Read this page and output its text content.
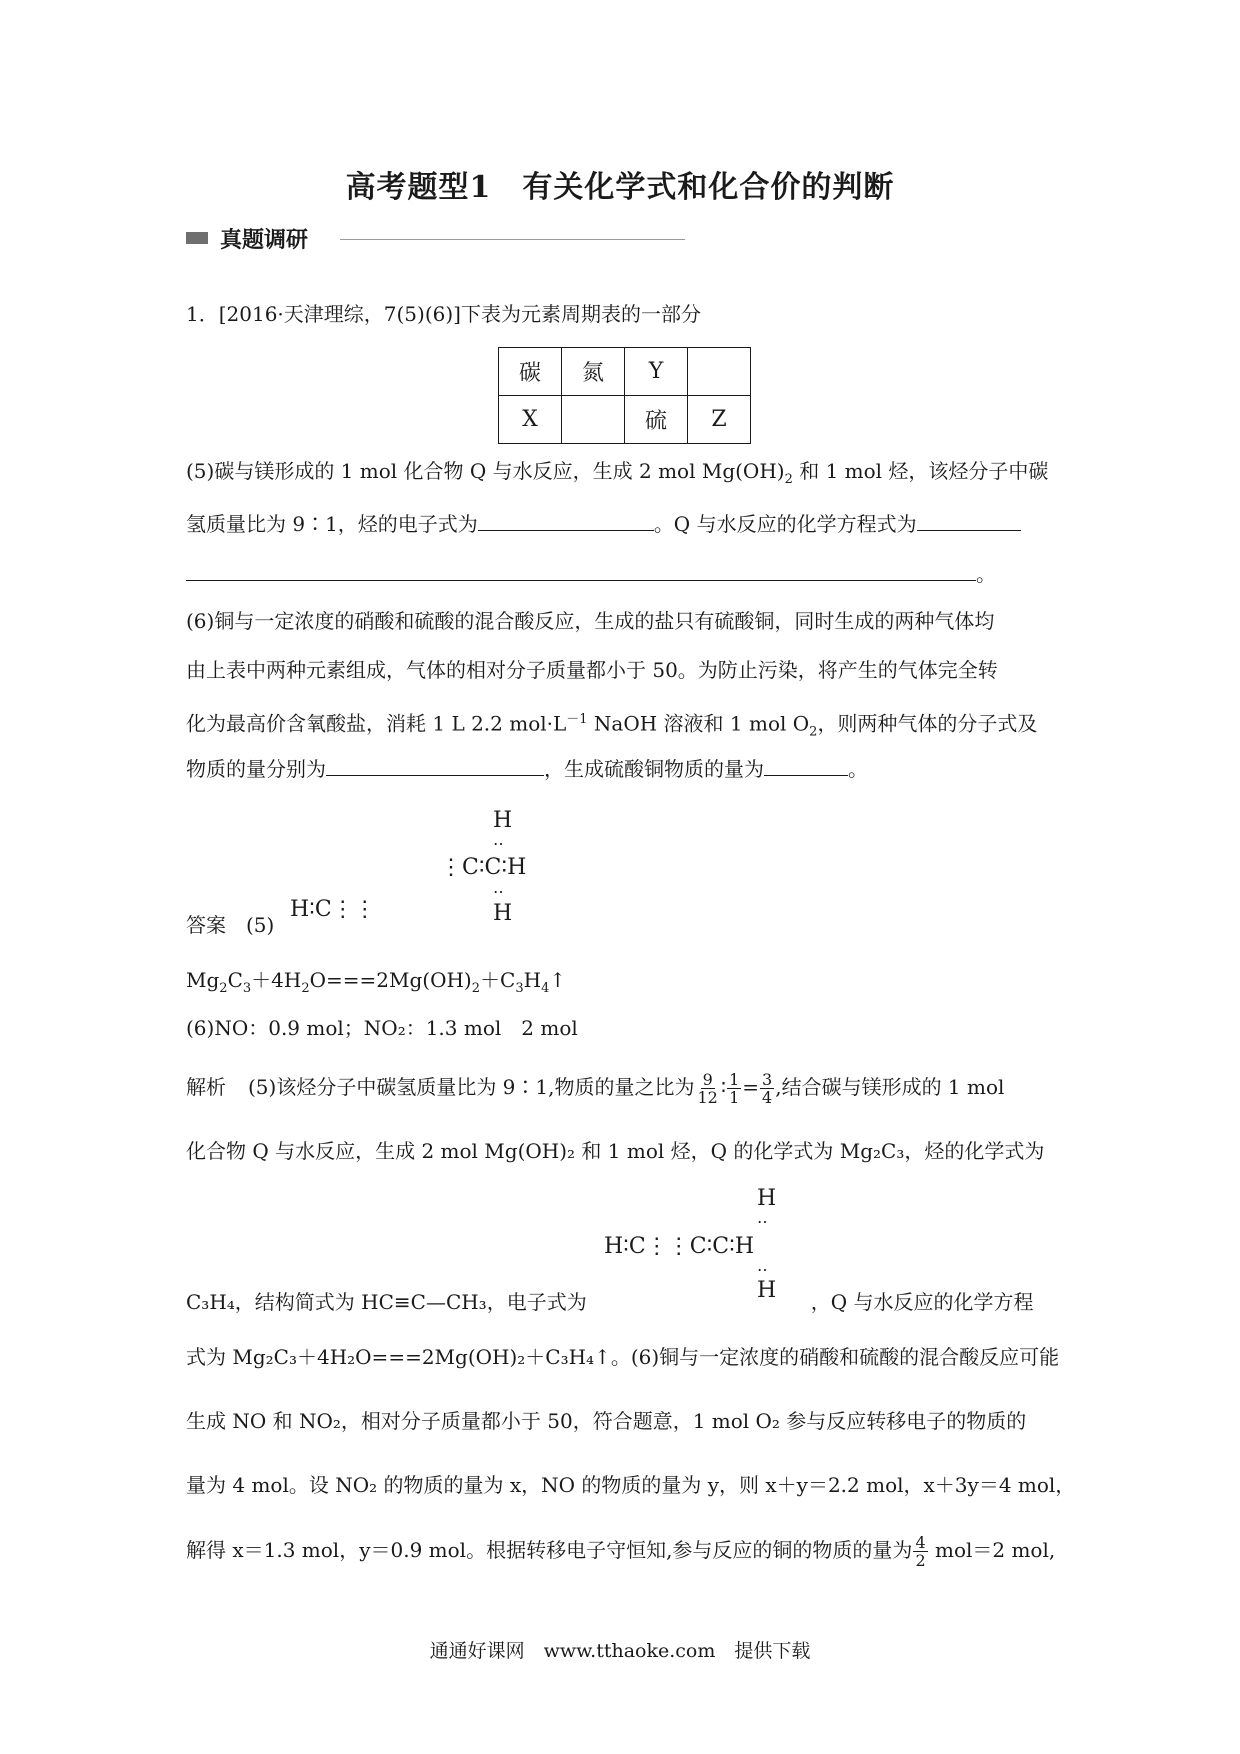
高考题型1　有关化学式和化合价的判断
真题调研
1．[2016·天津理综，7(5)(6)]下表为元素周期表的一部分
碳	氮	Y	
X		硫	Z
(5)碳与镁形成的 1 mol 化合物 Q 与水反应，生成 2 mol $Mg(OH)_2$ 和 1 mol 烃，该烃分子中碳
氢质量比为 9∶1，烃的电子式为	。Q 与水反应的化学方程式为
。
(6)铜与一定浓度的硝酸和硫酸的混合酸反应，生成的盐只有硫酸铜，同时生成的两种气体均
由上表中两种元素组成，气体的相对分子质量都小于 50。为防止污染，将产生的气体完全转
化为最高价含氧酸盐，消耗 1 L 2.2 $mol\cdot L^{-1}$ NaOH 溶液和 1 mol $O_2$，则两种气体的分子式及
物质的量分别为	，生成硫酸铜物质的量为	。
H
‥
⋮C∶C∶H
‥
H
答案　(5)
H∶C⋮⋮
$Mg_2C_3+4H_2O===2Mg(OH)_2+C_3H_4↑$
(6)NO：0.9 mol；NO₂：1.3 mol　2 mol
解析 (5)该烃分子中碳氢质量比为 9∶1,物质的量之比为 $\frac{9}{12}$ ∶ $\frac{1}{1} = \frac{3}{4}$ ,结合碳与镁形成的 1 mol
化合物 Q 与水反应，生成 2 mol Mg(OH)₂ 和 1 mol 烃，Q 的化学式为 Mg₂C₃，烃的化学式为
H
‥
H∶C⋮⋮C∶C∶H
‥
H
C₃H₄，结构简式为 HC≡C—CH₃，电子式为	，Q 与水反应的化学方程
式为 Mg₂C₃＋4H₂O===2Mg(OH)₂＋C₃H₄↑。(6)铜与一定浓度的硝酸和硫酸的混合酸反应可能
生成 NO 和 NO₂，相对分子质量都小于 50，符合题意，1 mol O₂ 参与反应转移电子的物质的
量为 4 mol。设 NO₂ 的物质的量为 x，NO 的物质的量为 y，则 x＋y＝2.2 mol，x＋3y＝4 mol，
解得 x＝1.3 mol，y＝0.9 mol。根据转移电子守恒知,参与反应的铜的物质的量为 $\frac{4}{2} mol=2$ mol,
通通好课网　www.tthaoke.com　提供下载
